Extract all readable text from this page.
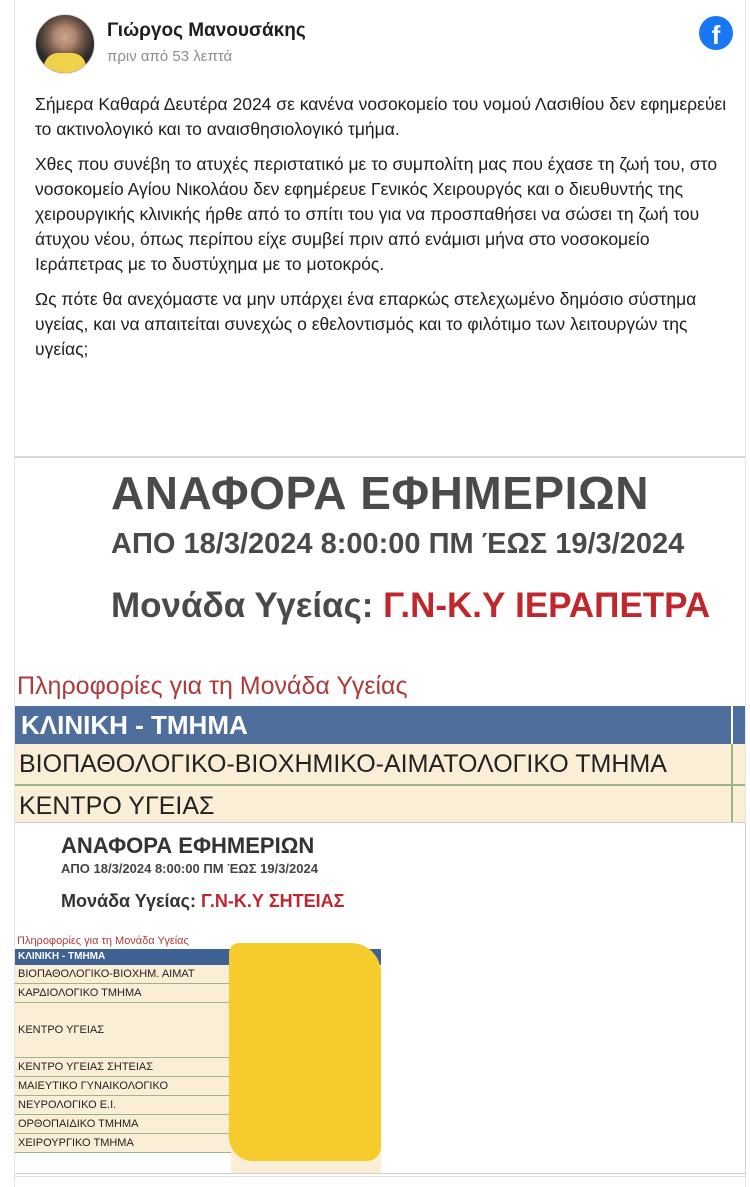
Γιώργος Μανουσάκης
πριν από 53 λεπτά
f

Σήμερα Καθαρά Δευτέρα 2024 σε κανένα νοσοκομείο του νομού Λασιθίου δεν εφημερεύει το ακτινολογικό και το αναισθησιολογικό τμήμα.

Χθες που συνέβη το ατυχές περιστατικό με το συμπολίτη μας που έχασε τη ζωή του, στο νοσοκομείο Αγίου Νικολάου δεν εφημέρευε Γενικός Χειρουργός και ο διευθυντής της χειρουργικής κλινικής ήρθε από το σπίτι του για να προσπαθήσει να σώσει τη ζωή του άτυχου νέου, όπως περίπου είχε συμβεί πριν από ενάμισι μήνα στο νοσοκομείο Ιεράπετρας με το δυστύχημα με το μοτοκρός.

Ως πότε θα ανεχόμαστε να μην υπάρχει ένα επαρκώς στελεχωμένο δημόσιο σύστημα υγείας, και να απαιτείται συνεχώς ο εθελοντισμός και το φιλότιμο των λειτουργών της υγείας;

ΑΝΑΦΟΡΑ ΕΦΗΜΕΡΙΩΝ
ΑΠΟ 18/3/2024 8:00:00 ΠΜ ΈΩΣ 19/3/2024
Μονάδα Υγείας: Γ.Ν-Κ.Υ ΙΕΡΑΠΕΤΡΑ
Πληροφορίες για τη Μονάδα Υγείας
ΚΛΙΝΙΚΗ - ΤΜΗΜΑ
ΒΙΟΠΑΘΟΛΟΓΙΚΟ-ΒΙΟΧΗΜΙΚΟ-ΑΙΜΑΤΟΛΟΓΙΚΟ ΤΜΗΜΑ
ΚΕΝΤΡΟ ΥΓΕΙΑΣ
ΑΝΑΦΟΡΑ ΕΦΗΜΕΡΙΩΝ
ΑΠΟ 18/3/2024 8:00:00 ΠΜ ΈΩΣ 19/3/2024
Μονάδα Υγείας: Γ.Ν-Κ.Υ ΣΗΤΕΙΑΣ
Πληροφορίες για τη Μονάδα Υγείας
ΚΛΙΝΙΚΗ - ΤΜΗΜΑ
ΒΙΟΠΑΘΟΛΟΓΙΚΟ-ΒΙΟΧΗΜ. ΑΙΜΑΤ
ΚΑΡΔΙΟΛΟΓΙΚΟ ΤΜΗΜΑ
ΚΕΝΤΡΟ ΥΓΕΙΑΣ
ΚΕΝΤΡΟ ΥΓΕΙΑΣ ΣΗΤΕΙΑΣ
ΜΑΙΕΥΤΙΚΟ ΓΥΝΑΙΚΟΛΟΓΙΚΟ
ΝΕΥΡΟΛΟΓΙΚΟ Ε.Ι.
ΟΡΘΟΠΑΙΔΙΚΟ ΤΜΗΜΑ
ΧΕΙΡΟΥΡΓΙΚΟ ΤΜΗΜΑ
